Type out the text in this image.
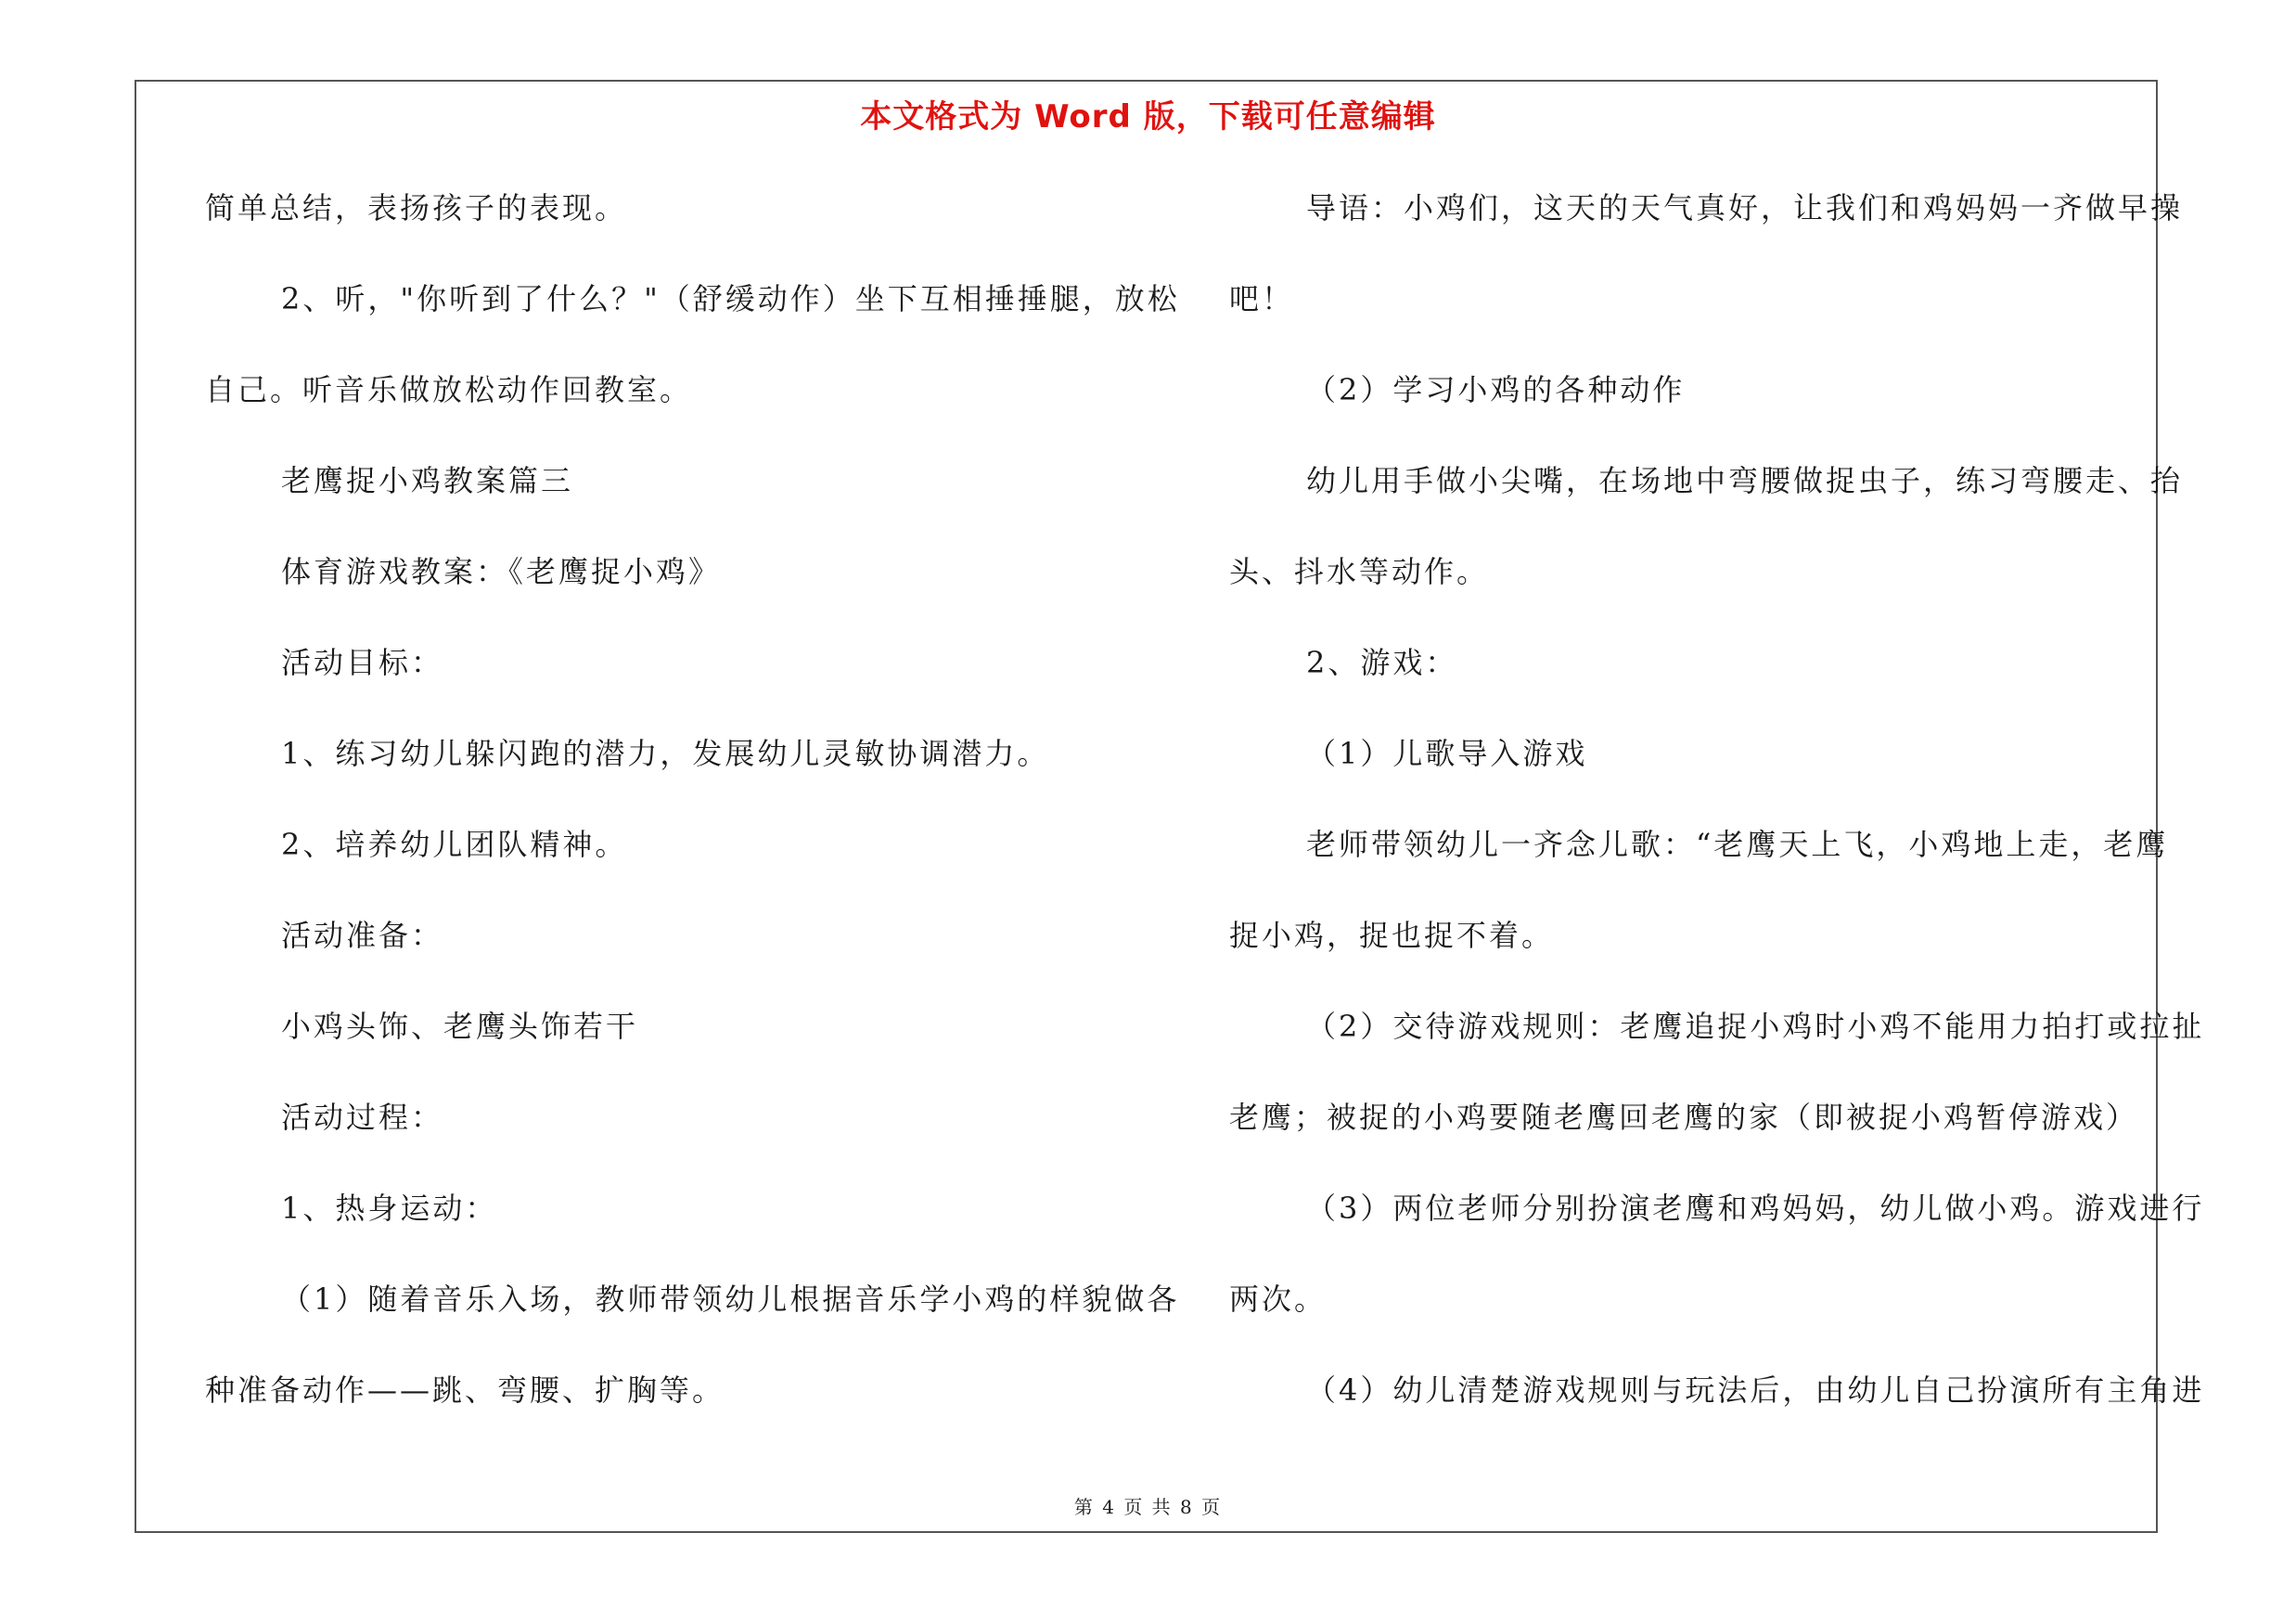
本文格式为 Word 版，下载可任意编辑
简单总结，表扬孩子的表现。
2、听，"你听到了什么？"（舒缓动作）坐下互相捶捶腿，放松
自己。听音乐做放松动作回教室。
老鹰捉小鸡教案篇三
体育游戏教案：《老鹰捉小鸡》
活动目标：
1、练习幼儿躲闪跑的潜力，发展幼儿灵敏协调潜力。
2、培养幼儿团队精神。
活动准备：
小鸡头饰、老鹰头饰若干
活动过程：
1、热身运动：
（1）随着音乐入场，教师带领幼儿根据音乐学小鸡的样貌做各
种准备动作——跳、弯腰、扩胸等。
导语：小鸡们，这天的天气真好，让我们和鸡妈妈一齐做早操
吧！
（2）学习小鸡的各种动作
幼儿用手做小尖嘴，在场地中弯腰做捉虫子，练习弯腰走、抬
头、抖水等动作。
2、游戏：
（1）儿歌导入游戏
老师带领幼儿一齐念儿歌：“老鹰天上飞，小鸡地上走，老鹰
捉小鸡，捉也捉不着。
（2）交待游戏规则：老鹰追捉小鸡时小鸡不能用力拍打或拉扯
老鹰；被捉的小鸡要随老鹰回老鹰的家（即被捉小鸡暂停游戏）
（3）两位老师分别扮演老鹰和鸡妈妈，幼儿做小鸡。游戏进行
两次。
（4）幼儿清楚游戏规则与玩法后，由幼儿自己扮演所有主角进
第 4 页 共 8 页
